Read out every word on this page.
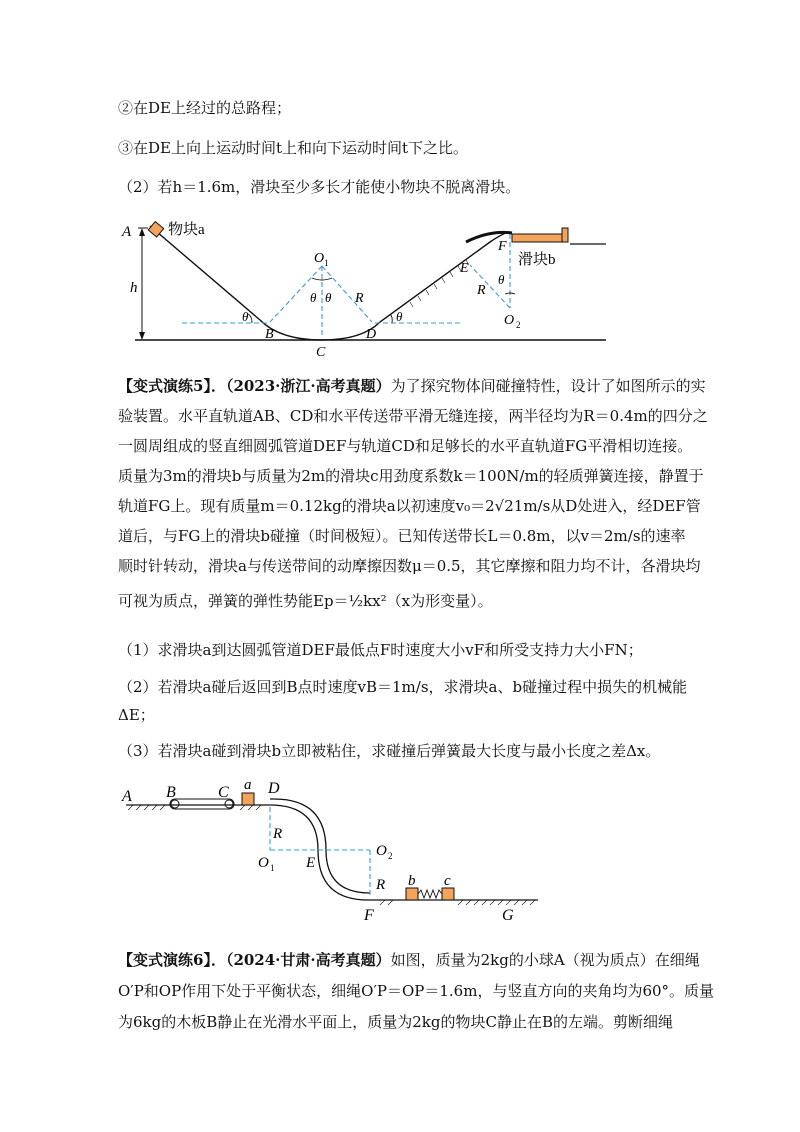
②在DE上经过的总路程；
③在DE上向上运动时间t上和向下运动时间t下之比。
（2）若h＝1.6m，滑块至少多长才能使小物块不脱离滑块。
A 物块a
h
O 1
θ θ R
θ	θ
B
C
D
E
F
滑块b
R
θ
O 2
【变式演练5】．（2023·浙江·高考真题）为了探究物体间碰撞特性，设计了如图所示的实
验装置。水平直轨道AB、CD和水平传送带平滑无缝连接，两半径均为R＝0.4m的四分之
一圆周组成的竖直细圆弧管道DEF与轨道CD和足够长的水平直轨道FG平滑相切连接。
质量为3m的滑块b与质量为2m的滑块c用劲度系数k＝100N/m的轻质弹簧连接，静置于
轨道FG上。现有质量m＝0.12kg的滑块a以初速度v₀＝2√21m/s从D处进入，经DEF管
道后，与FG上的滑块b碰撞（时间极短）。已知传送带长L＝0.8m，以v＝2m/s的速率
顺时针转动，滑块a与传送带间的动摩擦因数μ＝0.5，其它摩擦和阻力均不计，各滑块均
可视为质点，弹簧的弹性势能Ep＝½kx²（x为形变量）。
（1）求滑块a到达圆弧管道DEF最低点F时速度大小vF和所受支持力大小FN；
（2）若滑块a碰后返回到B点时速度vB＝1m/s，求滑块a、b碰撞过程中损失的机械能
ΔE；
（3）若滑块a碰到滑块b立即被粘住，求碰撞后弹簧最大长度与最小长度之差Δx。
A B	C a D
R
O 1 E
O 2
R b c
F	G
【变式演练6】．（2024·甘肃·高考真题）如图，质量为2kg的小球A（视为质点）在细绳
O′P和OP作用下处于平衡状态，细绳O′P＝OP＝1.6m，与竖直方向的夹角均为60°。质量
为6kg的木板B静止在光滑水平面上，质量为2kg的物块C静止在B的左端。剪断细绳
